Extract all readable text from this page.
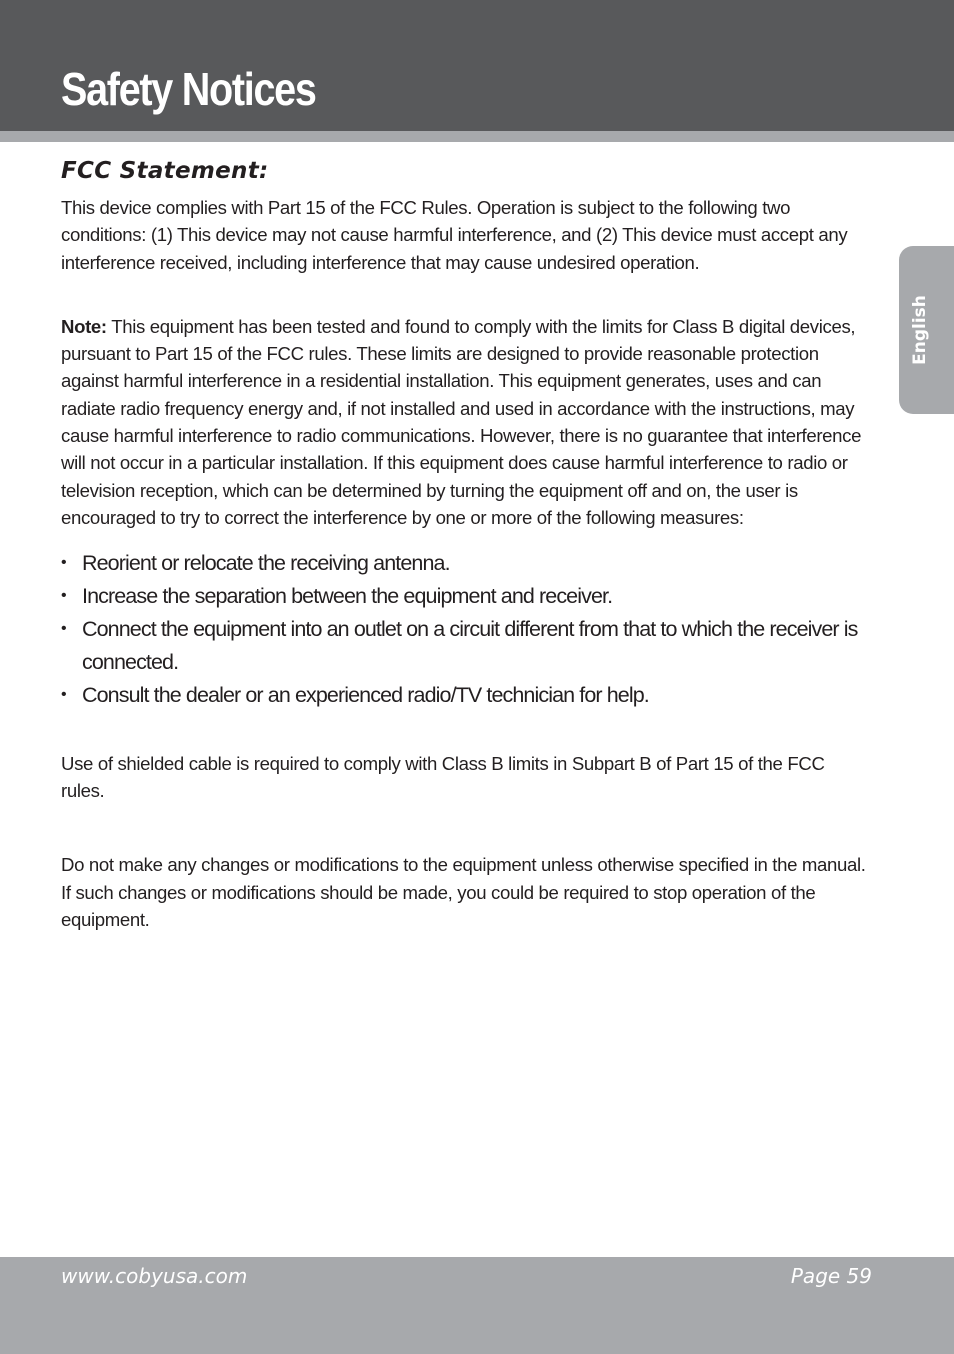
Safety Notices
English
FCC Statement:

This device complies with Part 15 of the FCC Rules. Operation is subject to the following two conditions: (1) This device may not cause harmful interference, and (2) This device must accept any interference received, including interference that may cause undesired operation.

Note: This equipment has been tested and found to comply with the limits for Class B digital devices, pursuant to Part 15 of the FCC rules. These limits are designed to provide reasonable protection against harmful interference in a residential installation. This equipment generates, uses and can radiate radio frequency energy and, if not installed and used in accordance with the instructions, may cause harmful interference to radio communications. However, there is no guarantee that interference will not occur in a particular installation. If this equipment does cause harmful interference to radio or television reception, which can be determined by turning the equipment off and on, the user is encouraged to try to correct the interference by one or more of the following measures:

• Reorient or relocate the receiving antenna.
• Increase the separation between the equipment and receiver.
• Connect the equipment into an outlet on a circuit different from that to which the receiver is connected.
• Consult the dealer or an experienced radio/TV technician for help.

Use of shielded cable is required to comply with Class B limits in Subpart B of Part 15 of the FCC rules.

Do not make any changes or modifications to the equipment unless otherwise specified in the manual. If such changes or modifications should be made, you could be required to stop operation of the equipment.

www.cobyusa.com	Page 59
